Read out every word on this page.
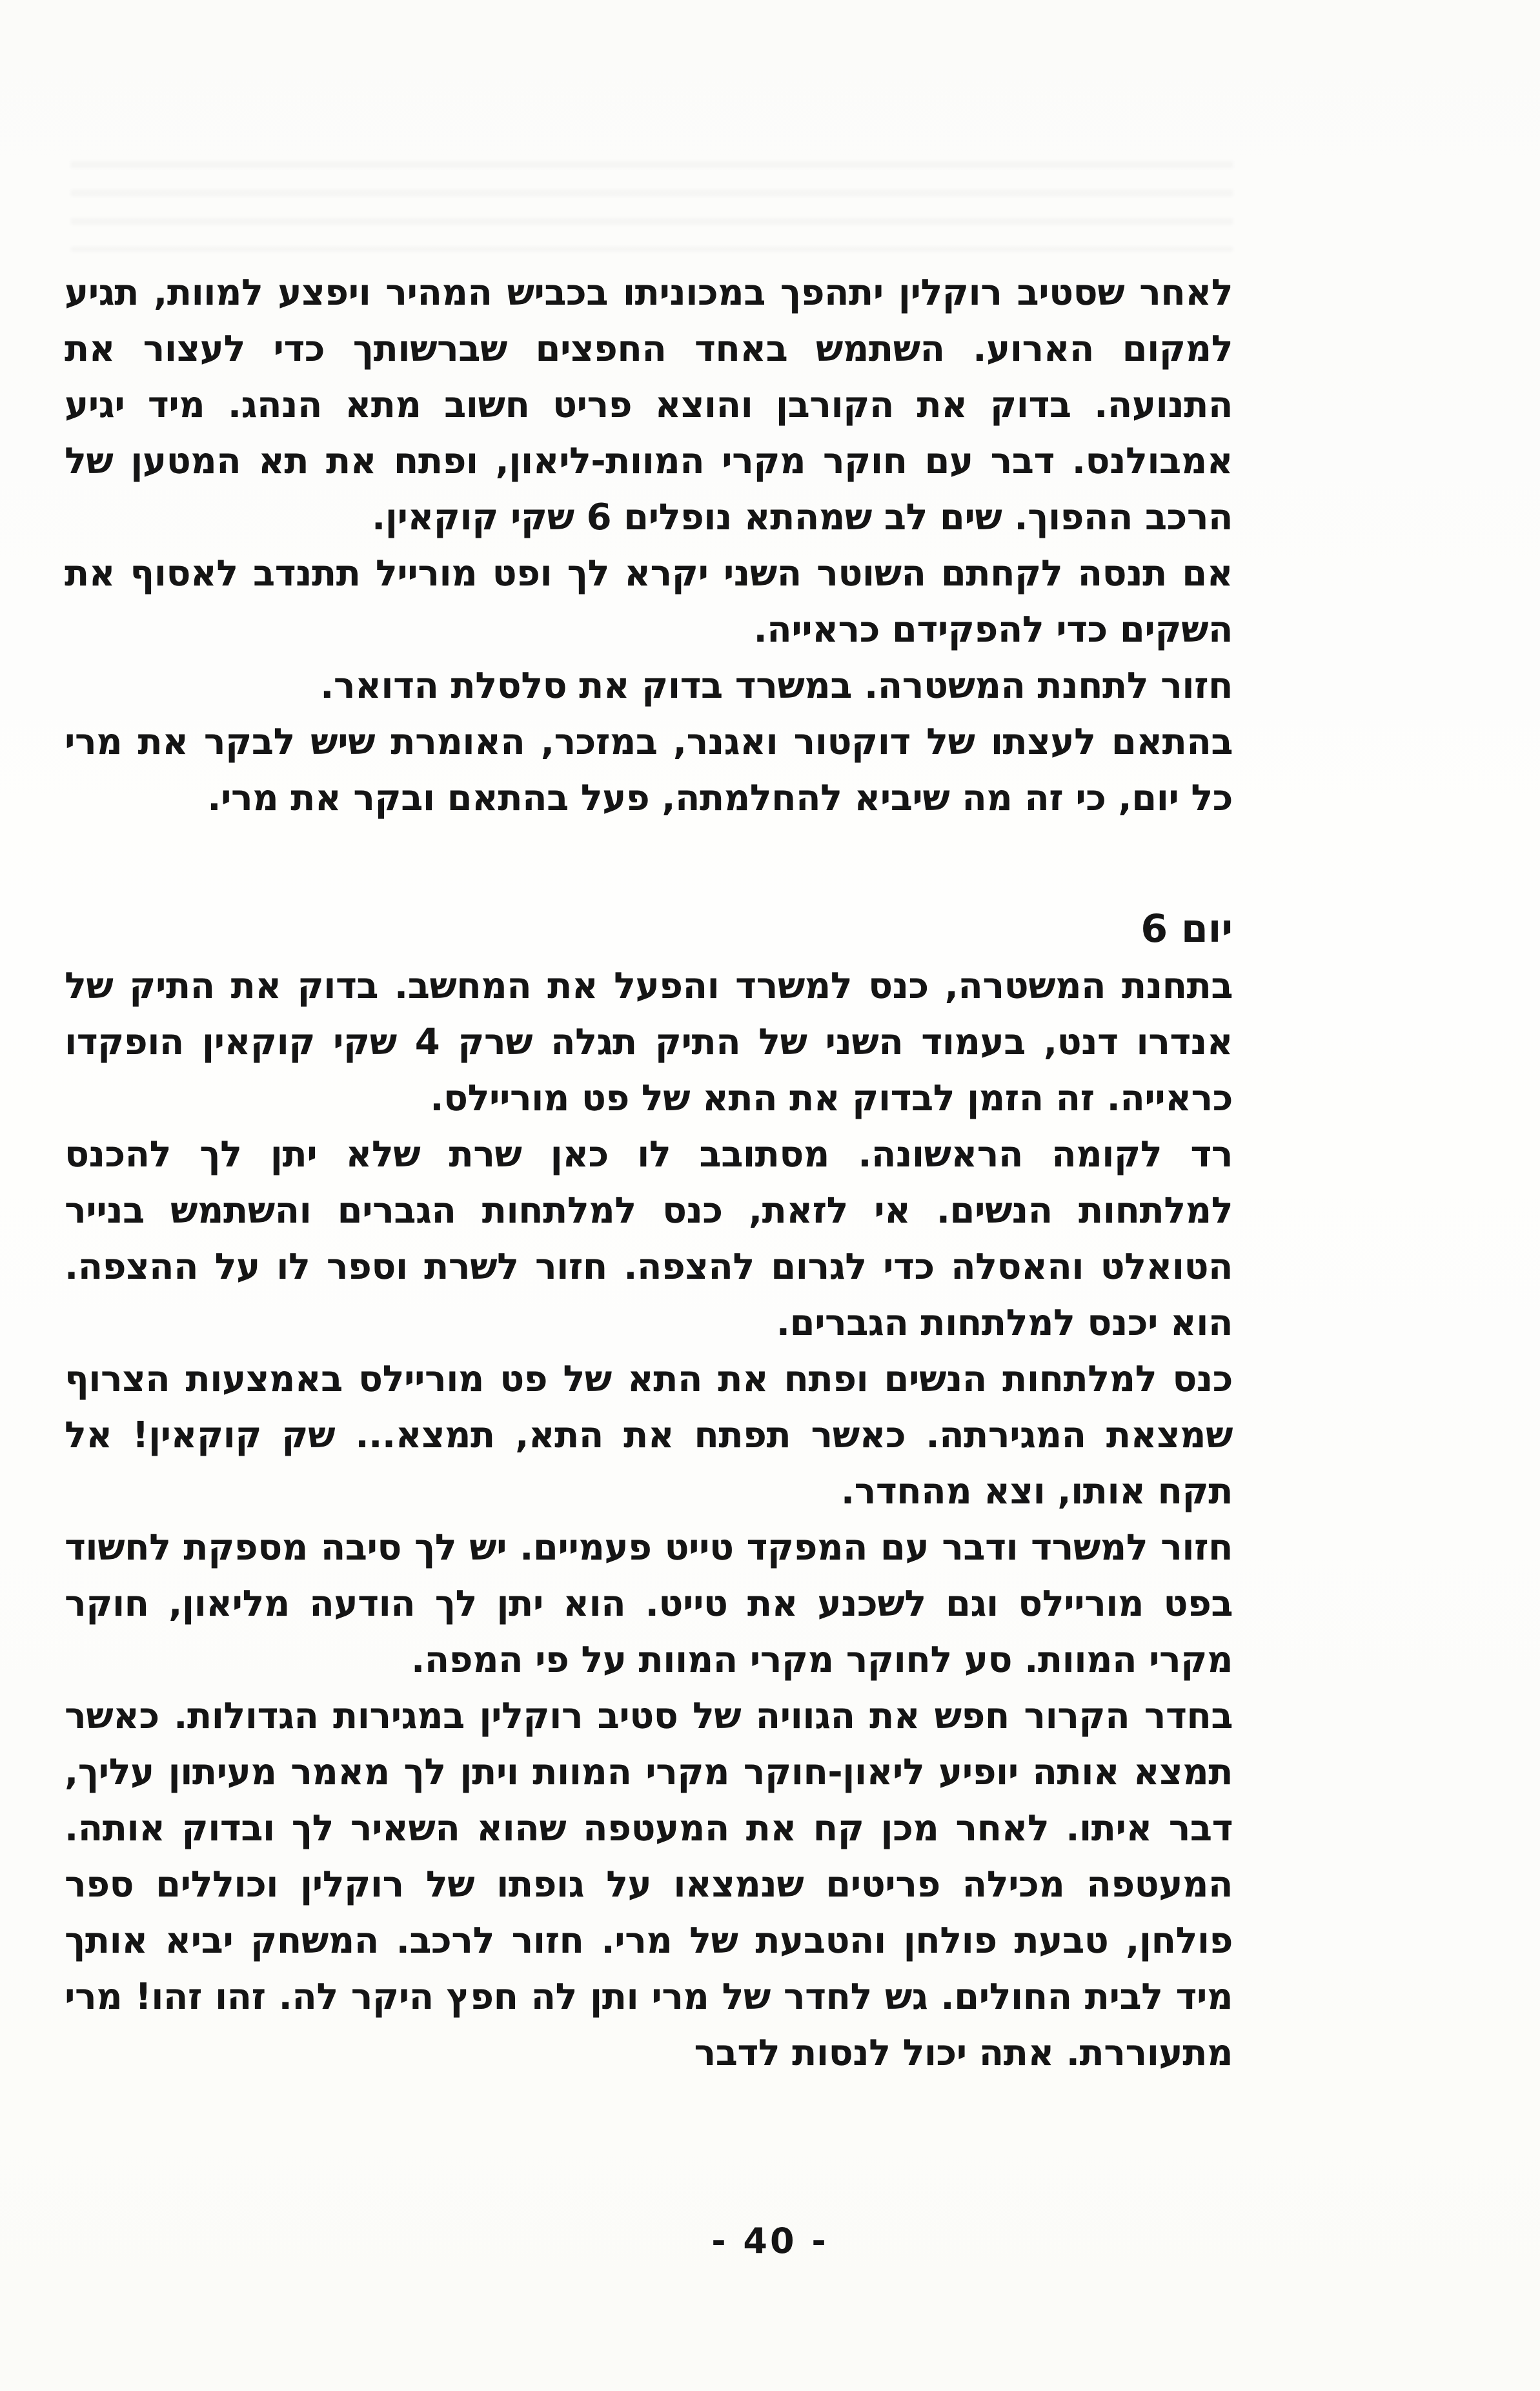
לאחר שסטיב רוקלין יתהפך במכוניתו בכביש המהיר ויפצע למוות, תגיע למקום הארוע. השתמש באחד החפצים שברשותך כדי לעצור את התנועה. בדוק את הקורבן והוצא פריט חשוב מתא הנהג. מיד יגיע אמבולנס. דבר עם חוקר מקרי המוות-ליאון, ופתח את תא המטען של הרכב ההפוך. שים לב שמהתא נופלים 6 שקי קוקאין.

אם תנסה לקחתם השוטר השני יקרא לך ופט מורייל תתנדב לאסוף את השקים כדי להפקידם כראייה.

חזור לתחנת המשטרה. במשרד בדוק את סלסלת הדואר.

בהתאם לעצתו של דוקטור ואגנר, במזכר, האומרת שיש לבקר את מרי כל יום, כי זה מה שיביא להחלמתה, פעל בהתאם ובקר את מרי.

יום 6

בתחנת המשטרה, כנס למשרד והפעל את המחשב. בדוק את התיק של אנדרו דנט, בעמוד השני של התיק תגלה שרק 4 שקי קוקאין הופקדו כראייה. זה הזמן לבדוק את התא של פט מוריילס.

רד לקומה הראשונה. מסתובב לו כאן שרת שלא יתן לך להכנס למלתחות הנשים. אי לזאת, כנס למלתחות הגברים והשתמש בנייר הטואלט והאסלה כדי לגרום להצפה. חזור לשרת וספר לו על ההצפה. הוא יכנס למלתחות הגברים.

כנס למלתחות הנשים ופתח את התא של פט מוריילס באמצעות הצרוף שמצאת המגירתה. כאשר תפתח את התא, תמצא... שק קוקאין! אל תקח אותו, וצא מהחדר.

חזור למשרד ודבר עם המפקד טייט פעמיים. יש לך סיבה מספקת לחשוד בפט מוריילס וגם לשכנע את טייט. הוא יתן לך הודעה מליאון, חוקר מקרי המוות. סע לחוקר מקרי המוות על פי המפה.

בחדר הקרור חפש את הגוויה של סטיב רוקלין במגירות הגדולות. כאשר תמצא אותה יופיע ליאון-חוקר מקרי המוות ויתן לך מאמר מעיתון עליך, דבר איתו. לאחר מכן קח את המעטפה שהוא השאיר לך ובדוק אותה. המעטפה מכילה פריטים שנמצאו על גופתו של רוקלין וכוללים ספר פולחן, טבעת פולחן והטבעת של מרי. חזור לרכב. המשחק יביא אותך מיד לבית החולים. גש לחדר של מרי ותן לה חפץ היקר לה. זהו זהו! מרי מתעוררת. אתה יכול לנסות לדבר

- 40 -
